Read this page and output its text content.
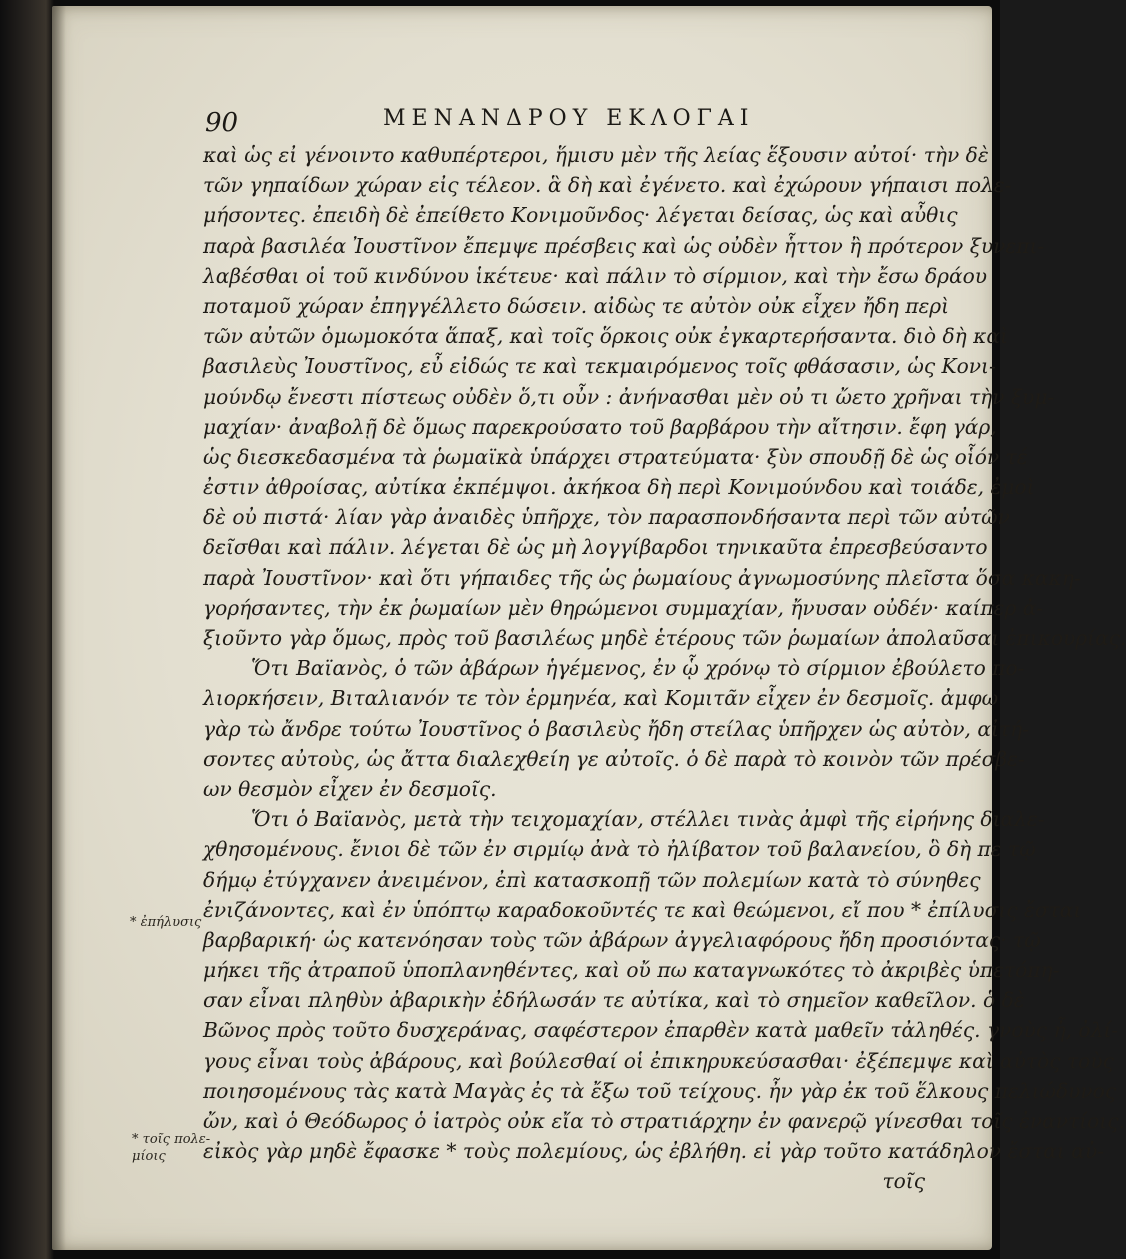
90	ΜΕΝΑΝΔΡΟΥ ΕΚΛΟΓΑΙ
καὶ ὡς εἰ γένοιντο καθυπέρτεροι, ἥμισυ μὲν τῆς λείας ἕξουσιν αὐτοί· τὴν δὲ
τῶν γηπαίδων χώραν εἰς τέλεον. ἃ δὴ καὶ ἐγένετο. καὶ ἐχώρουν γήπαισι πολε-
μήσοντες. ἐπειδὴ δὲ ἐπείθετο Κονιμοῦνδος· λέγεται δείσας, ὡς καὶ αὖθις
παρὰ βασιλέα Ἰουστῖνον ἔπεμψε πρέσβεις καὶ ὡς οὐδὲν ἧττον ἢ πρότερον ξυνεπι-
λαβέσθαι οἱ τοῦ κινδύνου ἱκέτευε· καὶ πάλιν τὸ σίρμιον, καὶ τὴν ἔσω δράου
ποταμοῦ χώραν ἐπηγγέλλετο δώσειν. αἰδὼς τε αὐτὸν οὐκ εἶχεν ἤδη περὶ
τῶν αὐτῶν ὁμωμοκότα ἅπαξ, καὶ τοῖς ὅρκοις οὐκ ἐγκαρτερήσαντα. διὸ δὴ καὶ
βασιλεὺς Ἰουστῖνος, εὖ εἰδώς τε καὶ τεκμαιρόμενος τοῖς φθάσασιν, ὡς Κονι-
μούνδῳ ἔνεστι πίστεως οὐδὲν ὅ,τι οὖν : ἀνήνασθαι μὲν οὐ τι ὤετο χρῆναι τὴν ξυμ-
μαχίαν· ἀναβολῇ δὲ ὅμως παρεκρούσατο τοῦ βαρβάρου τὴν αἴτησιν. ἔφη γάρ,
ὡς διεσκεδασμένα τὰ ῥωμαϊκὰ ὑπάρχει στρατεύματα· ξὺν σπουδῇ δὲ ὡς οἷόν τέ
ἐστιν ἀθροίσας, αὐτίκα ἐκπέμψοι. ἀκήκοα δὴ περὶ Κονιμούνδου καὶ τοιάδε, ἐμοὶ
δὲ οὐ πιστά· λίαν γὰρ ἀναιδὲς ὑπῆρχε, τὸν παρασπονδήσαντα περὶ τῶν αὐτῶν
δεῖσθαι καὶ πάλιν. λέγεται δὲ ὡς μὴ λογγίβαρδοι τηνικαῦτα ἐπρεσβεύσαντο
παρὰ Ἰουστῖνον· καὶ ὅτι γήπαιδες τῆς ὡς ῥωμαίους ἀγνωμοσύνης πλεῖστα ὅσα κακη-
γορήσαντες, τὴν ἐκ ῥωμαίων μὲν θηρώμενοι συμμαχίαν, ἤνυσαν οὐδέν· καίπερ ἀ-
ξιοῦντο γὰρ ὅμως, πρὸς τοῦ βασιλέως μηδὲ ἑτέρους τῶν ῥωμαίων ἀπολαῦσαι ἐπικουρίας.
Ὅτι Βαϊανὸς, ὁ τῶν ἀβάρων ἡγέμενος, ἐν ᾧ χρόνῳ τὸ σίρμιον ἐβούλετο πο-
λιορκήσειν, Βιταλιανόν τε τὸν ἑρμηνέα, καὶ Κομιτᾶν εἶχεν ἐν δεσμοῖς. ἀμφω
γὰρ τὼ ἄνδρε τούτω Ἰουστῖνος ὁ βασιλεὺς ἤδη στείλας ὑπῆρχεν ὡς αὐτὸν, αἰτή-
σοντες αὐτοὺς, ὡς ἄττα διαλεχθείη γε αὐτοῖς. ὁ δὲ παρὰ τὸ κοινὸν τῶν πρέσβε-
ων θεσμὸν εἶχεν ἐν δεσμοῖς.
Ὅτι ὁ Βαϊανὸς, μετὰ τὴν τειχομαχίαν, στέλλει τινὰς ἀμφὶ τῆς εἰρήνης διαλε-
χθησομένους. ἔνιοι δὲ τῶν ἐν σιρμίῳ ἀνὰ τὸ ἠλίβατον τοῦ βαλανείου, ὃ δὴ πε τῷ
δήμῳ ἐτύγχανεν ἀνειμένον, ἐπὶ κατασκοπῇ τῶν πολεμίων κατὰ τὸ σύνηθες
ἐνιζάνοντες, καὶ ἐν ὑπόπτῳ καραδοκοῦντές τε καὶ θεώμενοι, εἴ που * ἐπίλυσις ἔσται
βαρβαρική· ὡς κατενόησαν τοὺς τῶν ἀβάρων ἀγγελιαφόρους ἤδη προσιόντας· τῷ
μήκει τῆς ἀτραποῦ ὑποπλανηθέντες, καὶ οὔ πω καταγνωκότες τὸ ἀκριβὲς ὑπετόπη-
σαν εἶναι πληθὺν ἀβαρικὴν ἐδήλωσάν τε αὐτίκα, καὶ τὸ σημεῖον καθεῖλον. ὁ δὲ
Βῶνος πρὸς τοῦτο δυσχεράνας, σαφέστερον ἐπαρθὲν κατὰ μαθεῖν τἀληθές. γνοὺς ἦ, ὀλί-
γους εἶναι τοὺς ἀβάρους, καὶ βούλεσθαί οἱ ἐπικηρυκεύσασθαι· ἐξέπεμψε καὶ αὐτὸς τοὺς
ποιησομένους τὰς κατὰ Μαγὰς ἐς τὰ ἔξω τοῦ τείχους. ἦν γὰρ ἐκ τοῦ ἕλκους πελιώδυνος
ὤν, καὶ ὁ Θεόδωρος ὁ ἰατρὸς οὐκ εἴα τὸ στρατιάρχην ἐν φανερῷ γίνεσθαι τοῖς ἐναντίοις.
εἰκὸς γὰρ μηδὲ ἔφασκε * τοὺς πολεμίους, ὡς ἐβλήθη. εἰ γὰρ τοῦτο κατάδηλον ἔσται αὐ-
τοῖς
* ἐπήλυσις
* τοῖς πολε-
μίοις
